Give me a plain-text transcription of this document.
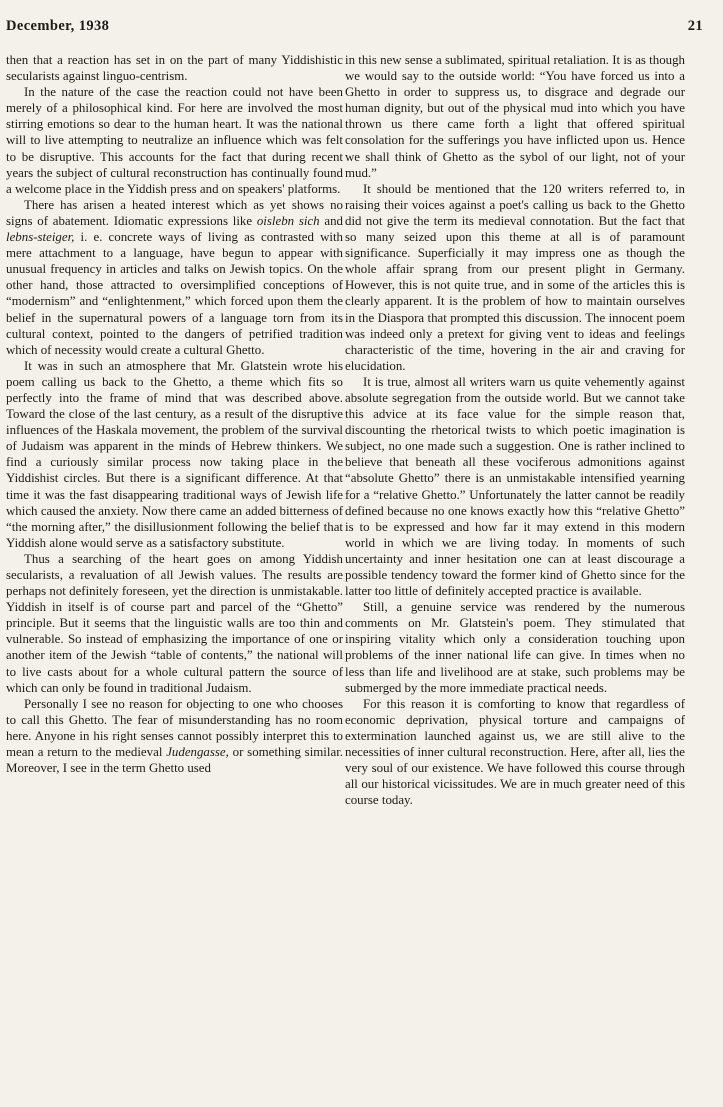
December, 1938	21

then that a reaction has set in on the part of many Yiddishistic secularists against linguo-centrism.

In the nature of the case the reaction could not have been merely of a philosophical kind. For here are involved the most stirring emotions so dear to the human heart. It was the national will to live attempting to neutralize an influence which was felt to be disruptive. This accounts for the fact that during recent years the subject of cultural reconstruction has continually found a welcome place in the Yiddish press and on speakers' platforms.

There has arisen a heated interest which as yet shows no signs of abatement. Idiomatic expressions like oislebn sich and lebns-steiger, i. e. concrete ways of living as contrasted with mere attachment to a language, have begun to appear with unusual frequency in articles and talks on Jewish topics. On the other hand, those attracted to oversimplified conceptions of “modernism” and “enlightenment,” which forced upon them the belief in the supernatural powers of a language torn from its cultural context, pointed to the dangers of petrified tradition which of necessity would create a cultural Ghetto.

It was in such an atmosphere that Mr. Glatstein wrote his poem calling us back to the Ghetto, a theme which fits so perfectly into the frame of mind that was described above. Toward the close of the last century, as a result of the disruptive influences of the Haskala movement, the problem of the survival of Judaism was apparent in the minds of Hebrew thinkers. We find a curiously similar process now taking place in the Yiddishist circles. But there is a significant difference. At that time it was the fast disappearing traditional ways of Jewish life which caused the anxiety. Now there came an added bitterness of “the morning after,” the disillusionment following the belief that Yiddish alone would serve as a satisfactory substitute.

Thus a searching of the heart goes on among Yiddish secularists, a revaluation of all Jewish values. The results are perhaps not definitely foreseen, yet the direction is unmistakable. Yiddish in itself is of course part and parcel of the “Ghetto” principle. But it seems that the linguistic walls are too thin and vulnerable. So instead of emphasizing the importance of one or another item of the Jewish “table of contents,” the national will to live casts about for a whole cultural pattern the source of which can only be found in traditional Judaism.

Personally I see no reason for objecting to one who chooses to call this Ghetto. The fear of misunderstanding has no room here. Anyone in his right senses cannot possibly interpret this to mean a return to the medieval Judengasse, or something similar. Moreover, I see in the term Ghetto used

in this new sense a sublimated, spiritual retaliation. It is as though we would say to the outside world: “You have forced us into a Ghetto in order to suppress us, to disgrace and degrade our human dignity, but out of the physical mud into which you have thrown us there came forth a light that offered spiritual consolation for the sufferings you have inflicted upon us. Hence we shall think of Ghetto as the sybol of our light, not of your mud.”

It should be mentioned that the 120 writers referred to, in raising their voices against a poet's calling us back to the Ghetto did not give the term its medieval connotation. But the fact that so many seized upon this theme at all is of paramount significance. Superficially it may impress one as though the whole affair sprang from our present plight in Germany. However, this is not quite true, and in some of the articles this is clearly apparent. It is the problem of how to maintain ourselves in the Diaspora that prompted this discussion. The innocent poem was indeed only a pretext for giving vent to ideas and feelings characteristic of the time, hovering in the air and craving for elucidation.

It is true, almost all writers warn us quite vehemently against absolute segregation from the outside world. But we cannot take this advice at its face value for the simple reason that, discounting the rhetorical twists to which poetic imagination is subject, no one made such a suggestion. One is rather inclined to believe that beneath all these vociferous admonitions against “absolute Ghetto” there is an unmistakable intensified yearning for a “relative Ghetto.” Unfortunately the latter cannot be readily defined because no one knows exactly how this “relative Ghetto” is to be expressed and how far it may extend in this modern world in which we are living today. In moments of such uncertainty and inner hesitation one can at least discourage a possible tendency toward the former kind of Ghetto since for the latter too little of definitely accepted practice is available.

Still, a genuine service was rendered by the numerous comments on Mr. Glatstein's poem. They stimulated that inspiring vitality which only a consideration touching upon problems of the inner national life can give. In times when no less than life and livelihood are at stake, such problems may be submerged by the more immediate practical needs.

For this reason it is comforting to know that regardless of economic deprivation, physical torture and campaigns of extermination launched against us, we are still alive to the necessities of inner cultural reconstruction. Here, after all, lies the very soul of our existence. We have followed this course through all our historical vicissitudes. We are in much greater need of this course today.
